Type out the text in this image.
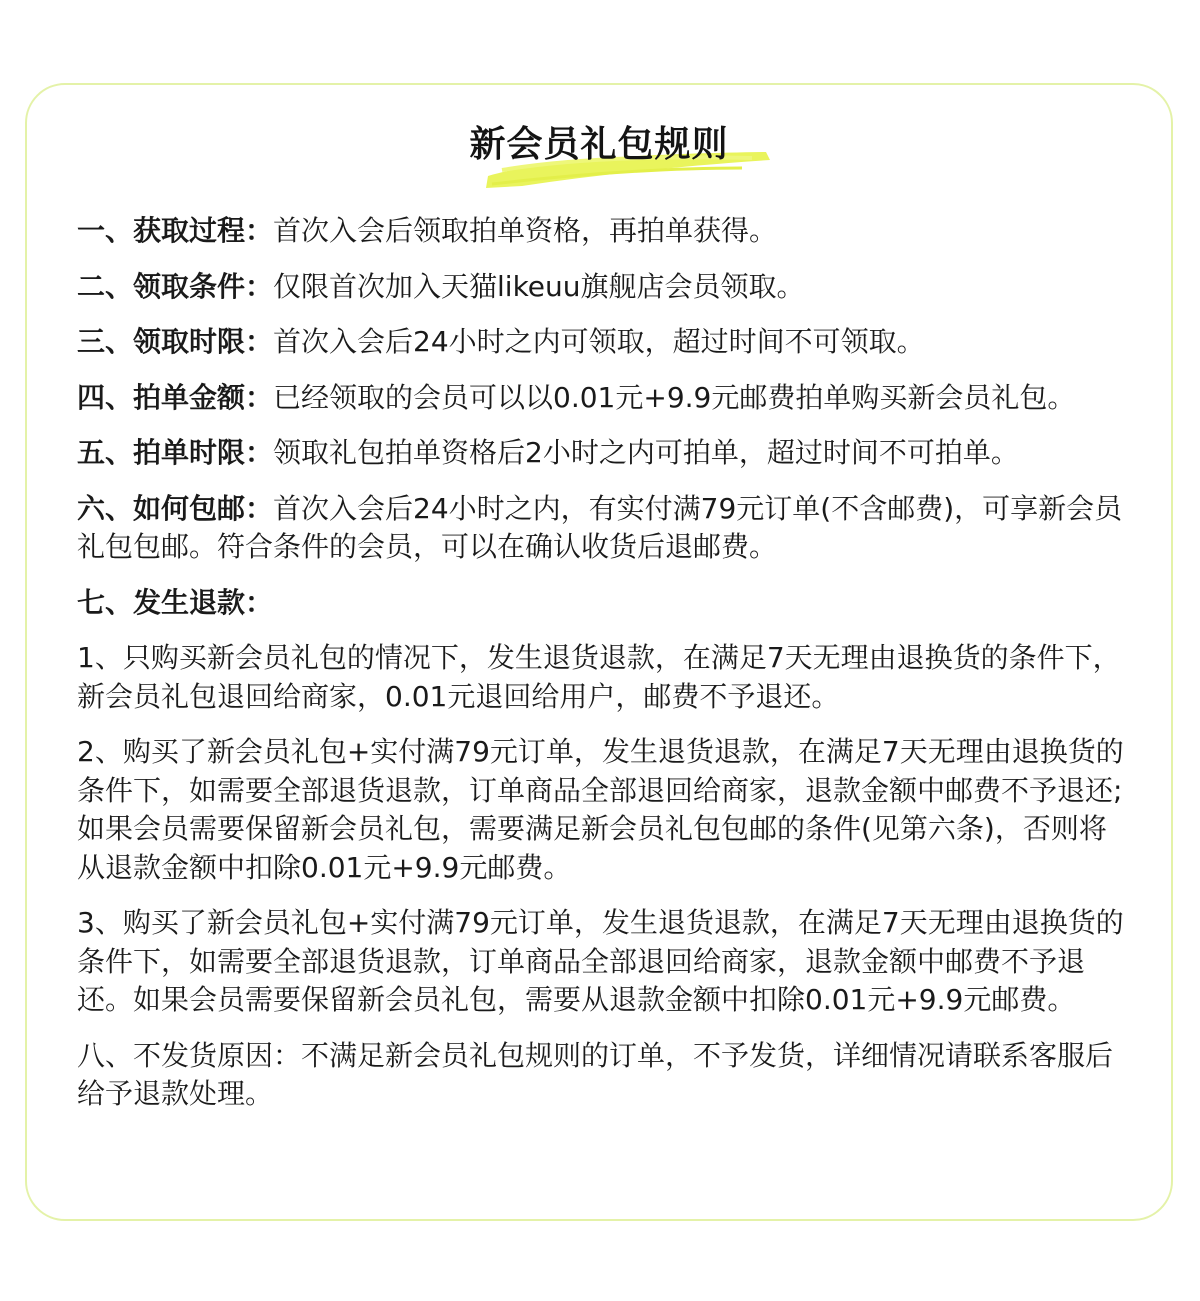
新会员礼包规则

一、获取过程：首次入会后领取拍单资格，再拍单获得。

二、领取条件：仅限首次加入天猫likeuu旗舰店会员领取。

三、领取时限：首次入会后24小时之内可领取，超过时间不可领取。

四、拍单金额：已经领取的会员可以以0.01元+9.9元邮费拍单购买新会员礼包。

五、拍单时限：领取礼包拍单资格后2小时之内可拍单，超过时间不可拍单。

六、如何包邮：首次入会后24小时之内，有实付满79元订单(不含邮费)，可享新会员礼包包邮。符合条件的会员，可以在确认收货后退邮费。

七、发生退款：

1、只购买新会员礼包的情况下，发生退货退款，在满足7天无理由退换货的条件下，新会员礼包退回给商家，0.01元退回给用户，邮费不予退还。

2、购买了新会员礼包+实付满79元订单，发生退货退款，在满足7天无理由退换货的条件下，如需要全部退货退款，订单商品全部退回给商家，退款金额中邮费不予退还;如果会员需要保留新会员礼包，需要满足新会员礼包包邮的条件(见第六条)，否则将从退款金额中扣除0.01元+9.9元邮费。

3、购买了新会员礼包+实付满79元订单，发生退货退款，在满足7天无理由退换货的条件下，如需要全部退货退款，订单商品全部退回给商家，退款金额中邮费不予退还。如果会员需要保留新会员礼包，需要从退款金额中扣除0.01元+9.9元邮费。

八、不发货原因：不满足新会员礼包规则的订单，不予发货，详细情况请联系客服后给予退款处理。
